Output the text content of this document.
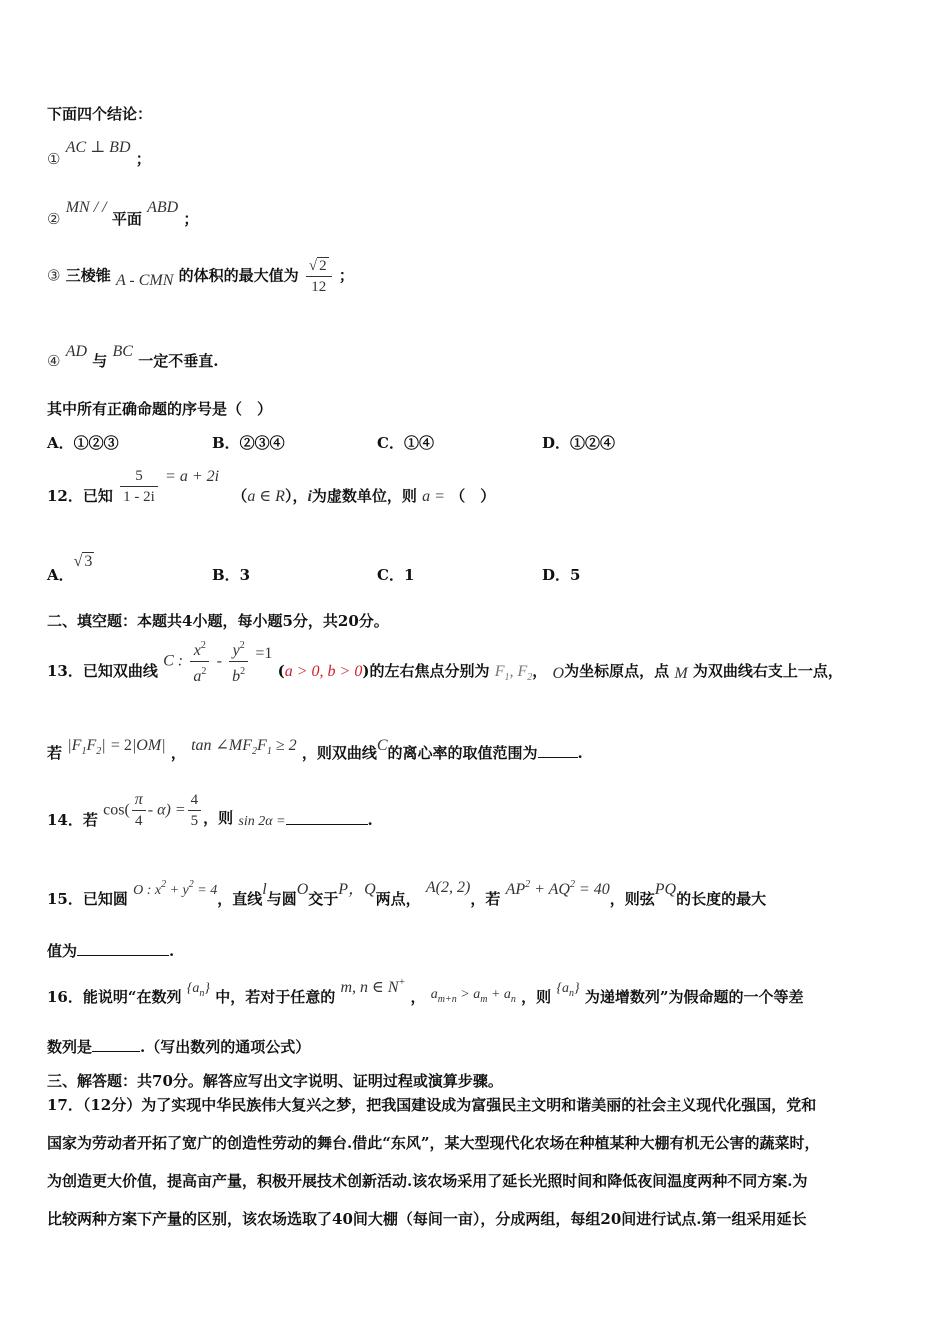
下面四个结论：
① AC ⊥ BD ；
② MN / / 平面 ABD ；
③ 三棱锥 A - CMN 的体积的最大值为 $\frac{√ 2}{12}$ ；
④ AD 与 BC 一定不垂直.
其中所有正确命题的序号是（　）
A．①②③	B．②③④	C．①④	D．①②④
12．已知 $\frac{5}{1 - 2i} = a + 2i$ （a ∈ R），i为虚数单位，则 a = （　）
A．√ 3
B．3	C．1	D．5
二、填空题：本题共4小题，每小题5分，共20分。
13．已知双曲线 C : $\frac{x^2}{a^2} - \frac{y^2}{b^2} =1$ (a > 0, b > 0)的左右焦点分别为 $F_1$, $F_2$， O为坐标原点，点 M 为双曲线右支上一点，
若 $|F_1F_2| = 2|OM|$ ， $\tan \angle MF_2F_1 \ge 2$ ，则双曲线C的离心率的取值范围为	.
14．若 $\cos( \frac{\pi}{4} - \alpha) = \frac{4}{5}$ ，则 sin 2α =	.
15．已知圆 O : $x^2 + y^2 = 4$，直线l与圆O交于P，Q两点， A(2, 2)，若 $AP^2 + AQ^2 = 40$，则弦PQ的长度的最大
值为	.
16．能说明“在数列 $\{a_n\}$ 中，若对于任意的 m, n ∈ N+ ， $a_{m+n} > a_m + a_n$ ，则 $\{a_n\}$ 为递增数列”为假命题的一个等差
数列是	.（写出数列的通项公式）
三、解答题：共70分。解答应写出文字说明、证明过程或演算步骤。
17．（12分）为了实现中华民族伟大复兴之梦，把我国建设成为富强民主文明和谐美丽的社会主义现代化强国，党和
国家为劳动者开拓了宽广的创造性劳动的舞台.借此“东风”，某大型现代化农场在种植某种大棚有机无公害的蔬菜时，
为创造更大价值，提高亩产量，积极开展技术创新活动.该农场采用了延长光照时间和降低夜间温度两种不同方案.为
比较两种方案下产量的区别，该农场选取了40间大棚（每间一亩），分成两组，每组20间进行试点.第一组采用延长
